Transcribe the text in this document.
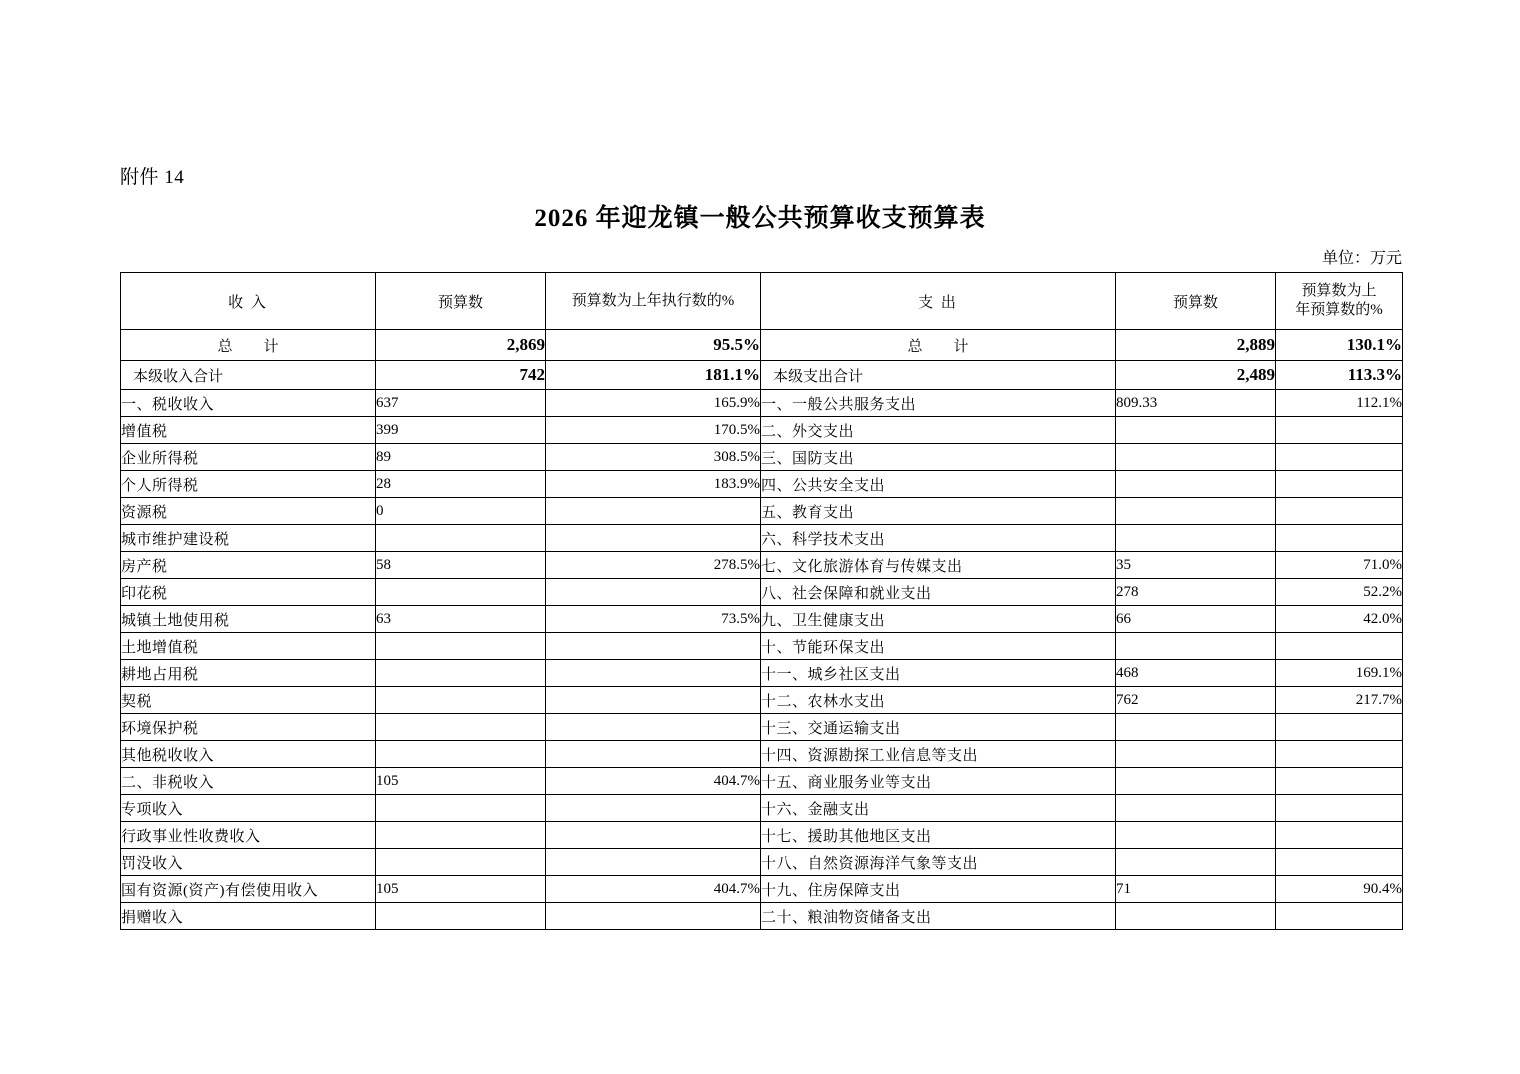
附件 14
2026 年迎龙镇一般公共预算收支预算表
单位：万元
收 入	预算数	预算数为上年执行数的%	支 出	预算数	预算数为上
年预算数的%

总　计	2,869	95.5%	总　计	2,889	130.1%
本级收入合计	742	181.1%	本级支出合计	2,489	113.3%
一、税收收入	637	165.9%	一、一般公共服务支出	809.33	112.1%
增值税	399	170.5%	二、外交支出		
企业所得税	89	308.5%	三、国防支出		
个人所得税	28	183.9%	四、公共安全支出		
资源税	0		五、教育支出		
城市维护建设税			六、科学技术支出		
房产税	58	278.5%	七、文化旅游体育与传媒支出	35	71.0%
印花税			八、社会保障和就业支出	278	52.2%
城镇土地使用税	63	73.5%	九、卫生健康支出	66	42.0%
土地增值税			十、节能环保支出		
耕地占用税			十一、城乡社区支出	468	169.1%
契税			十二、农林水支出	762	217.7%
环境保护税			十三、交通运输支出		
其他税收收入			十四、资源勘探工业信息等支出		
二、非税收入	105	404.7%	十五、商业服务业等支出		
专项收入			十六、金融支出		
行政事业性收费收入			十七、援助其他地区支出		
罚没收入			十八、自然资源海洋气象等支出		
国有资源(资产)有偿使用收入	105	404.7%	十九、住房保障支出	71	90.4%
捐赠收入			二十、粮油物资储备支出		
